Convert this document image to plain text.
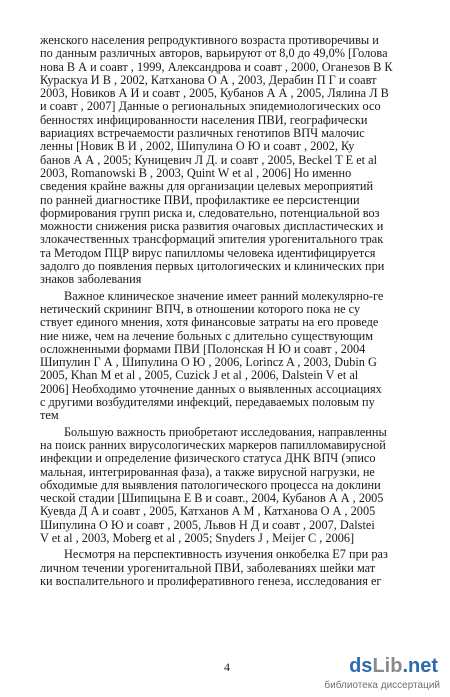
женского населения репродуктивного возраста противоречивы и
по данным различных авторов, варьируют от 8,0 до 49,0% [Голова
нова В А и соавт , 1999, Александрова и соавт , 2000, Оганезов В К
Кураскуа И В , 2002, Катханова О А , 2003, Дерабин П Г и соавт
2003, Новиков А И и соавт , 2005, Кубанов А А , 2005, Лялина Л В
и соавт , 2007] Данные о региональных эпидемиологических осо
бенностях инфицированности населения ПВИ, географически
вариациях встречаемости различных генотипов ВПЧ малочис
ленны [Новик В И , 2002, Шипулина О Ю и соавт , 2002, Ку
банов А А , 2005; Куницевич Л Д. и соавт , 2005, Beckel T E et al
2003, Romanowski B , 2003, Quint W et al , 2006] Но именно
сведения крайне важны для организации целевых мероприятий
по ранней диагностике ПВИ, профилактике ее персистенции
формирования групп риска и, следовательно, потенциальной воз
можности снижения риска развития очаговых диспластических и
злокачественных трансформаций эпителия урогенитального трак
та Методом ПЦР вирус папилломы человека идентифицируется
задолго до появления первых цитологических и клинических при
знаков заболевания
Важное клиническое значение имеет ранний молекулярно-ге
нетический скрининг ВПЧ, в отношении которого пока не су
ствует единого мнения, хотя финансовые затраты на его проведе
ние ниже, чем на лечение больных с длительно существующим
осложненными формами ПВИ [Полонская Н Ю и соавт , 2004
Шипулин Г А , Шипулина О Ю , 2006, Lorincz A , 2003, Dubin G
2005, Khan M et al , 2005, Cuzick J et al , 2006, Dalstein V et al
2006] Необходимо уточнение данных о выявленных ассоциациях
с другими возбудителями инфекций, передаваемых половым пу
тем
Большую важность приобретают исследования, направленны
на поиск ранних вирусологических маркеров папилломавирусной
инфекции и определение физического статуса ДНК ВПЧ (эписо
мальная, интегрированная фаза), а также вирусной нагрузки, не
обходимые для выявления патологического процесса на доклини
ческой стадии [Шипицына Е В и соавт., 2004, Кубанов А А , 2005
Куевда Д А и соавт , 2005, Катханов А М , Катханова О А , 2005
Шипулина О Ю и соавт , 2005, Львов Н Д и соавт , 2007, Dalstei
V et al , 2003, Moberg et al , 2005; Snyders J , Meijer C , 2006]
Несмотря на перспективность изучения онкобелка Е7 при раз
личном течении урогенитальной ПВИ, заболеваниях шейки мат
ки воспалительного и пролиферативного генеза, исследования ег
4	ds Lib .net
библиотека диссертаций
